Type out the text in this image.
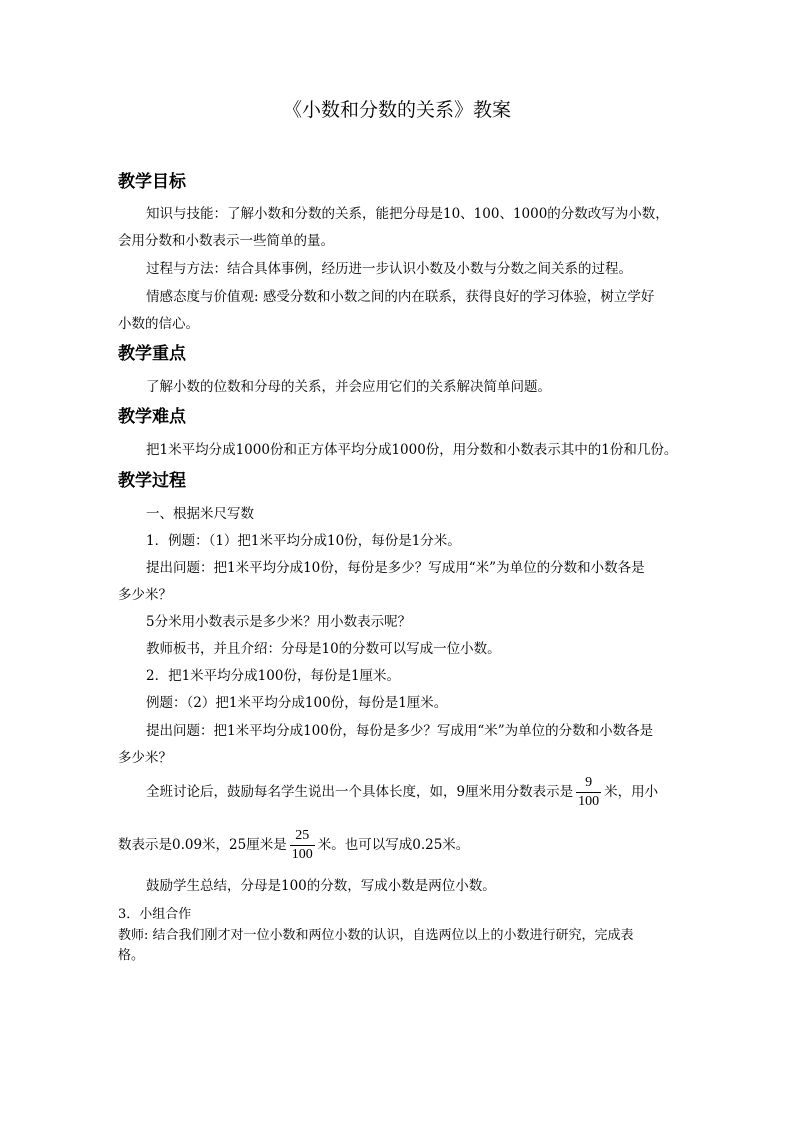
《小数和分数的关系》教案
教学目标
知识与技能：了解小数和分数的关系，能把分母是10、100、1000的分数改写为小数，
会用分数和小数表示一些简单的量。
过程与方法：结合具体事例，经历进一步认识小数及小数与分数之间关系的过程。
情感态度与价值观: 感受分数和小数之间的内在联系，获得良好的学习体验，树立学好
小数的信心。
教学重点
了解小数的位数和分母的关系，并会应用它们的关系解决简单问题。
教学难点
把1米平均分成1000份和正方体平均分成1000份，用分数和小数表示其中的1份和几份。
教学过程
一、根据米尺写数
1．例题：（1）把1米平均分成10份，每份是1分米。
提出问题：把1米平均分成10份，每份是多少？写成用“米”为单位的分数和小数各是
多少米？
5分米用小数表示是多少米？用小数表示呢？
教师板书，并且介绍：分母是10的分数可以写成一位小数。
2．把1米平均分成100份，每份是1厘米。
例题：（2）把1米平均分成100份，每份是1厘米。
提出问题：把1米平均分成100份，每份是多少？写成用“米”为单位的分数和小数各是
多少米？
全班讨论后，鼓励每名学生说出一个具体长度，如，9厘米用分数表示是 $\frac{9}{100}$ 米，用小
数表示是0.09米，25厘米是 $\frac{25}{100}$ 米。也可以写成0.25米。
鼓励学生总结，分母是100的分数，写成小数是两位小数。
3．小组合作
教师: 结合我们刚才对一位小数和两位小数的认识，自选两位以上的小数进行研究，完成表
格。
